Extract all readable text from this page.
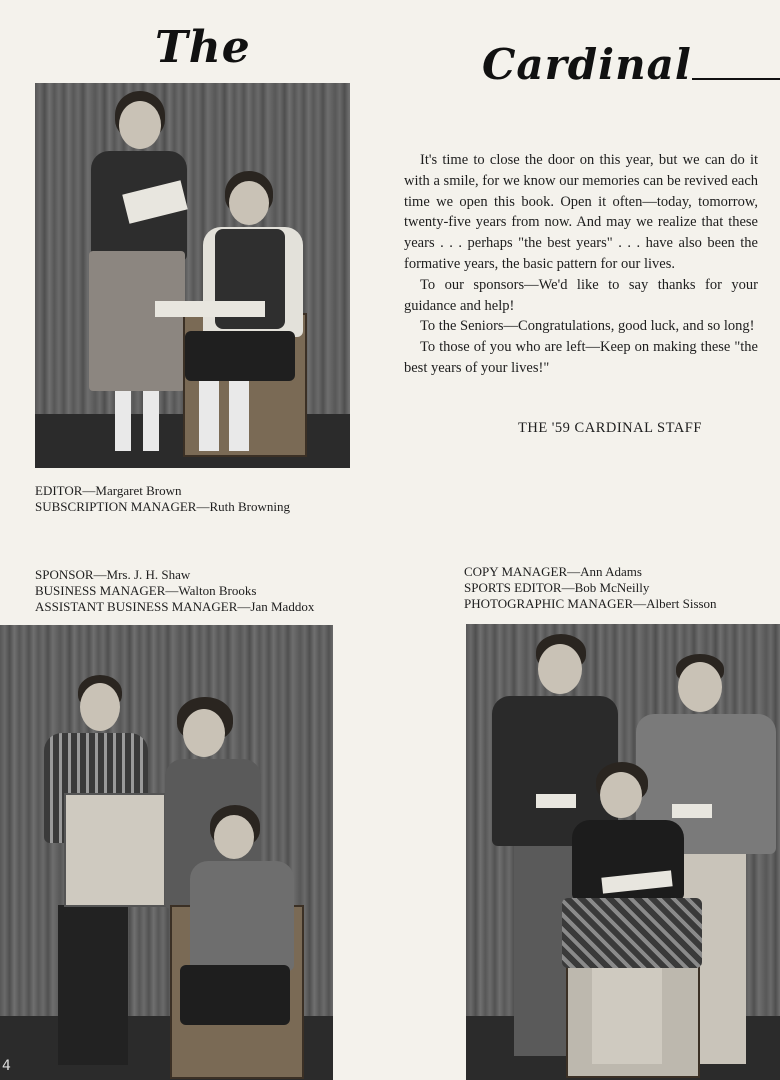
The	Cardinal
EDITOR—Margaret Brown
SUBSCRIPTION MANAGER—Ruth Browning

It's time to close the door on this year, but we can do it with a smile, for we know our memories can be revived each time we open this book. Open it often—today, tomorrow, twenty-five years from now. And may we realize that these years . . . perhaps "the best years" . . . have also been the formative years, the basic pattern for our lives.

To our sponsors—We'd like to say thanks for your guidance and help!

To the Seniors—Congratulations, good luck, and so long!

To those of you who are left—Keep on making these "the best years of your lives!"

THE '59 CARDINAL STAFF
SPONSOR—Mrs. J. H. Shaw
BUSINESS MANAGER—Walton Brooks
ASSISTANT BUSINESS MANAGER—Jan Maddox
COPY MANAGER—Ann Adams
SPORTS EDITOR—Bob McNeilly
PHOTOGRAPHIC MANAGER—Albert Sisson
4
